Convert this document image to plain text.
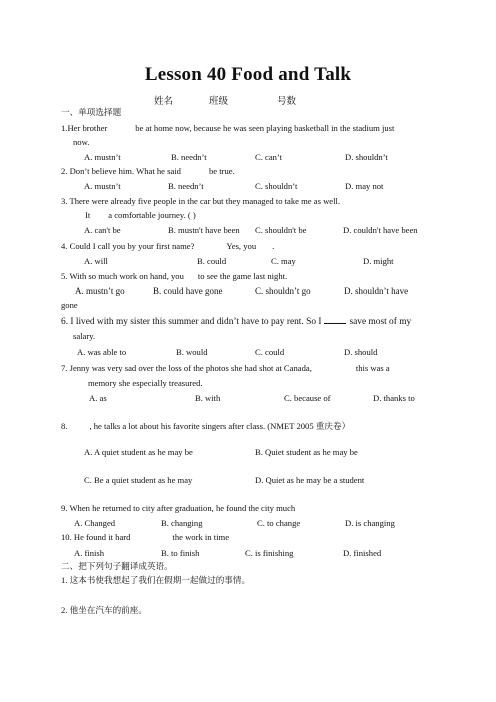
Lesson 40 Food and Talk
姓名	班级	号数
一、单项选择题
1.Her brother	be at home now, because he was seen playing basketball in the stadium just
now.
A. mustn’t	B. needn’t	C. can’t	D. shouldn’t
2. Don’t believe him. What he said	be true.
A. mustn’t	B. needn’t	C. shouldn’t	D. may not
3. There were already five people in the car but they managed to take me as well.
It a comfortable journey. ( )
A. can't be	B. mustn't have been C. shouldn't be	D. couldn't have been
4. Could I call you by your first name?	Yes, you .
A. will	B. could	C. may	D. might
5. With so much work on hand, you to see the game last night.
A. mustn’t go	B. could have gone	C. shouldn’t go	D. shouldn’t have
gone
6. I lived with my sister this summer and didn’t have to pay rent. So I	save most of my
salary.
A. was able to	B. would	C. could	D. should
7. Jenny was very sad over the loss of the photos she had shot at Canada,	this was a
memory she especially treasured.
A. as	B. with	C. because of	D. thanks to
8.	, he talks a lot about his favorite singers after class. (NMET 2005 重庆卷）
A. A quiet student as he may be	B. Quiet student as he may be
C. Be a quiet student as he may	D. Quiet as he may be a student
9. When he returned to city after graduation, he found the city much
A. Changed	B. changing	C. to change	D. is changing
10. He found it hard	the work in time
A. finish	B. to finish	C. is finishing	D. finished
二、把下列句子翻译成英语。
1. 这本书使我想起了我们在假期一起做过的事情。
2. 他坐在汽车的前座。
